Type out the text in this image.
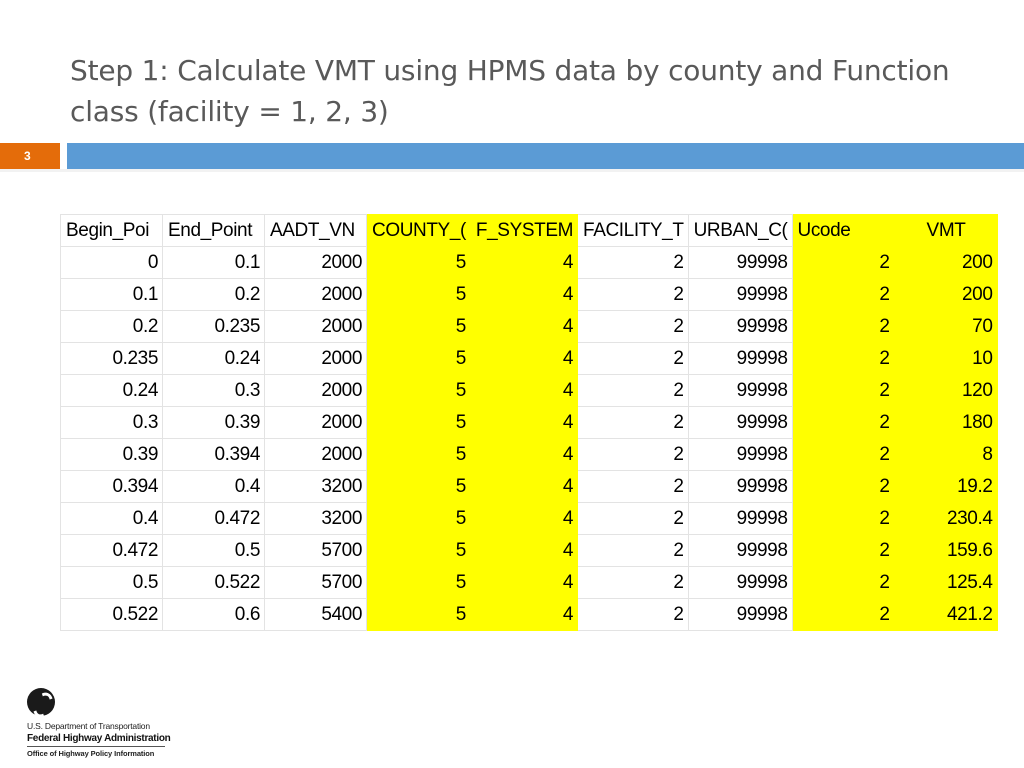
Step 1: Calculate VMT using HPMS data by county and Function
class (facility = 1, 2, 3)
3
Begin_Poi	End_Point	AADT_VN	COUNTY_(	F_SYSTEM	FACILITY_T	URBAN_C(	Ucode	VMT
0	0.1	2000	5	4	2	99998	2	200
0.1	0.2	2000	5	4	2	99998	2	200
0.2	0.235	2000	5	4	2	99998	2	70
0.235	0.24	2000	5	4	2	99998	2	10
0.24	0.3	2000	5	4	2	99998	2	120
0.3	0.39	2000	5	4	2	99998	2	180
0.39	0.394	2000	5	4	2	99998	2	8
0.394	0.4	3200	5	4	2	99998	2	19.2
0.4	0.472	3200	5	4	2	99998	2	230.4
0.472	0.5	5700	5	4	2	99998	2	159.6
0.5	0.522	5700	5	4	2	99998	2	125.4
0.522	0.6	5400	5	4	2	99998	2	421.2
U.S. Department of Transportation
Federal Highway Administration
Office of Highway Policy Information
